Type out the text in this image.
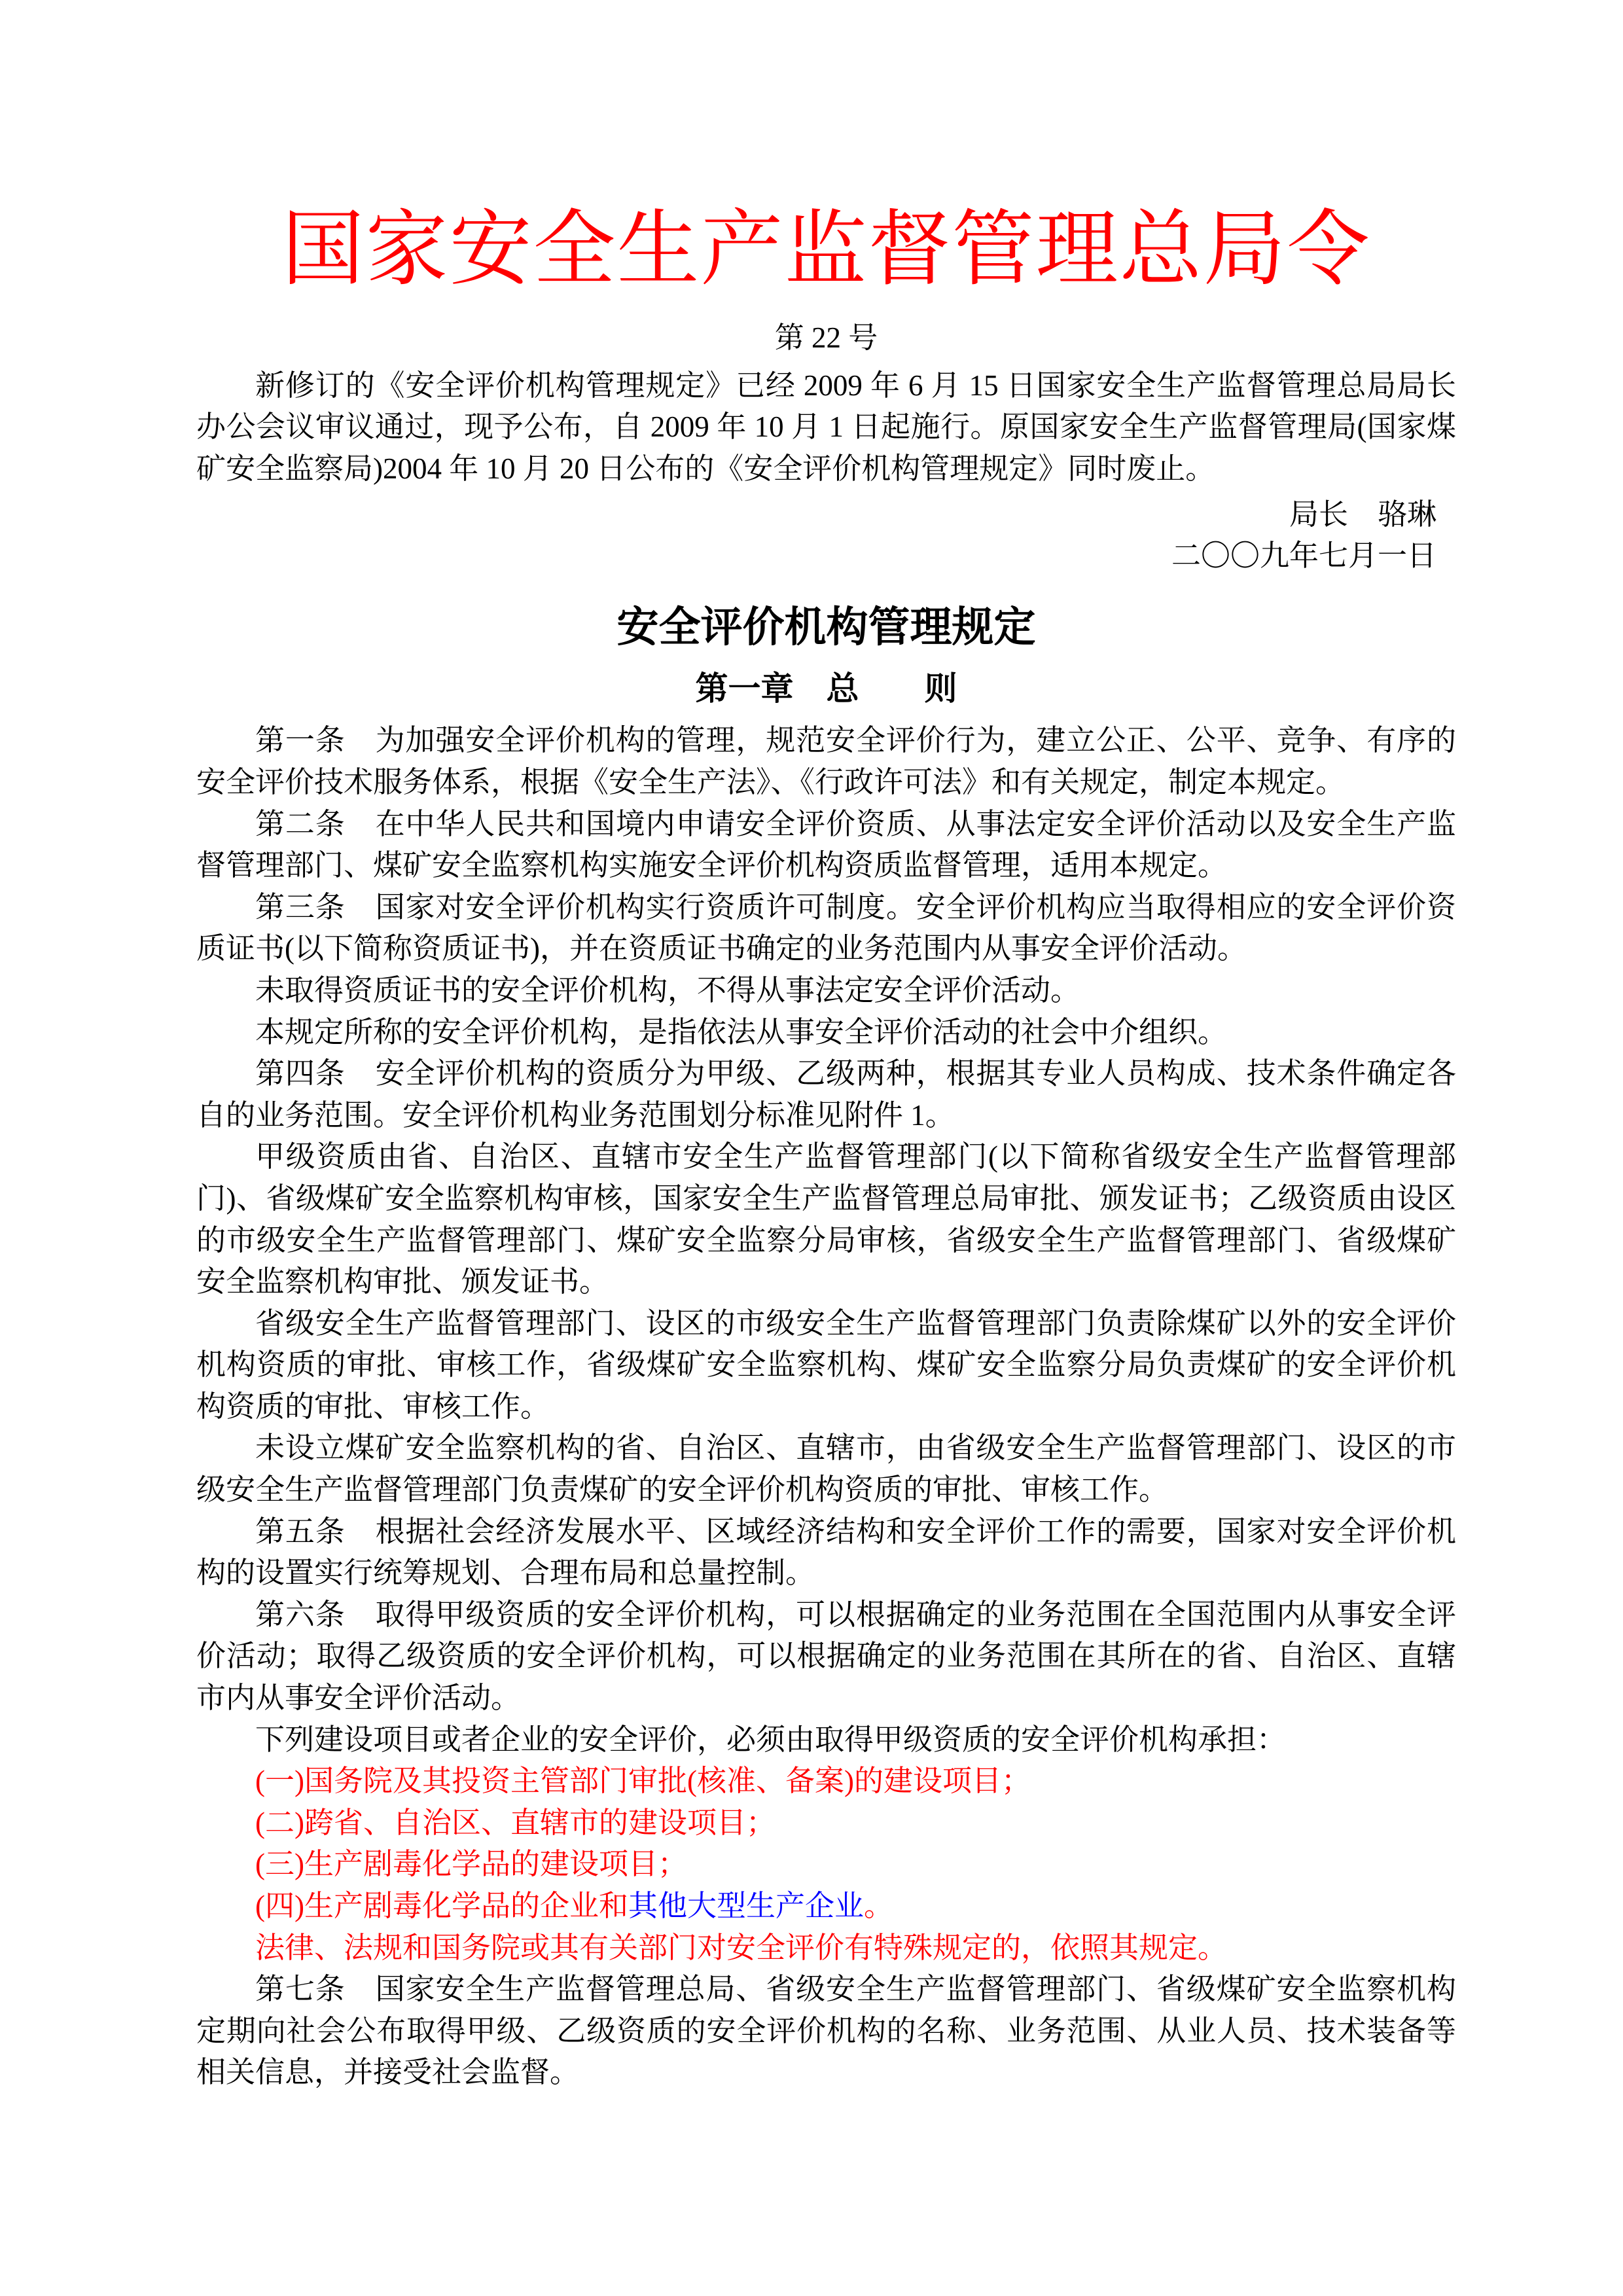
国家安全生产监督管理总局令
第 22 号

新修订的《安全评价机构管理规定》已经 2009 年 6 月 15 日国家安全生产监督管理总局局长办公会议审议通过，现予公布，自 2009 年 10 月 1 日起施行。原国家安全生产监督管理局(国家煤矿安全监察局)2004 年 10 月 20 日公布的《安全评价机构管理规定》同时废止。

局长　骆琳
二〇〇九年七月一日
安全评价机构管理规定
第一章　总　　则

第一条　为加强安全评价机构的管理，规范安全评价行为，建立公正、公平、竞争、有序的安全评价技术服务体系，根据《安全生产法》、《行政许可法》和有关规定，制定本规定。

第二条　在中华人民共和国境内申请安全评价资质、从事法定安全评价活动以及安全生产监督管理部门、煤矿安全监察机构实施安全评价机构资质监督管理，适用本规定。

第三条　国家对安全评价机构实行资质许可制度。安全评价机构应当取得相应的安全评价资质证书(以下简称资质证书)，并在资质证书确定的业务范围内从事安全评价活动。

未取得资质证书的安全评价机构，不得从事法定安全评价活动。

本规定所称的安全评价机构，是指依法从事安全评价活动的社会中介组织。

第四条　安全评价机构的资质分为甲级、乙级两种，根据其专业人员构成、技术条件确定各自的业务范围。安全评价机构业务范围划分标准见附件 1。

甲级资质由省、自治区、直辖市安全生产监督管理部门(以下简称省级安全生产监督管理部门)、省级煤矿安全监察机构审核，国家安全生产监督管理总局审批、颁发证书；乙级资质由设区的市级安全生产监督管理部门、煤矿安全监察分局审核，省级安全生产监督管理部门、省级煤矿安全监察机构审批、颁发证书。

省级安全生产监督管理部门、设区的市级安全生产监督管理部门负责除煤矿以外的安全评价机构资质的审批、审核工作，省级煤矿安全监察机构、煤矿安全监察分局负责煤矿的安全评价机构资质的审批、审核工作。

未设立煤矿安全监察机构的省、自治区、直辖市，由省级安全生产监督管理部门、设区的市级安全生产监督管理部门负责煤矿的安全评价机构资质的审批、审核工作。

第五条　根据社会经济发展水平、区域经济结构和安全评价工作的需要，国家对安全评价机构的设置实行统筹规划、合理布局和总量控制。

第六条　取得甲级资质的安全评价机构，可以根据确定的业务范围在全国范围内从事安全评价活动；取得乙级资质的安全评价机构，可以根据确定的业务范围在其所在的省、自治区、直辖市内从事安全评价活动。

下列建设项目或者企业的安全评价，必须由取得甲级资质的安全评价机构承担：

(一)国务院及其投资主管部门审批(核准、备案)的建设项目；

(二)跨省、自治区、直辖市的建设项目；

(三)生产剧毒化学品的建设项目；

(四)生产剧毒化学品的企业和其他大型生产企业。

法律、法规和国务院或其有关部门对安全评价有特殊规定的，依照其规定。

第七条　国家安全生产监督管理总局、省级安全生产监督管理部门、省级煤矿安全监察机构定期向社会公布取得甲级、乙级资质的安全评价机构的名称、业务范围、从业人员、技术装备等相关信息，并接受社会监督。
